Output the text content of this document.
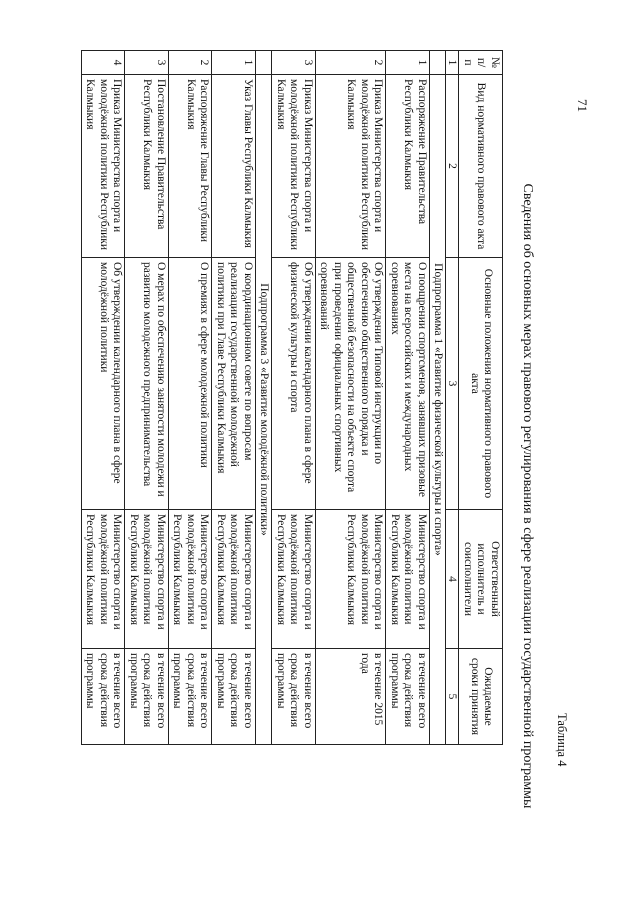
Сведения об основных мерах правового регулирования в сфере реализации государственной программы Таблица 4
№ п/п	Вид нормативного правового акта	Основные положения нормативного правового акта	Ответственный исполнитель и соисполнители	Ожидаемые сроки принятия
1	2	3	4	5
	Подпрограмма 1 «Развитие физической культуры и спорта»			
1	Распоряжение Правительства Республики Калмыкия	О поощрении спортсменов, занявших призовые места на всероссийских и международных соревнованиях	Министерство спорта и молодёжной политики Республики Калмыкия	в течение всего срока действия программы
2	Приказ Министерства спорта и молодёжной политики Республики Калмыкия	Об утверждении Типовой инструкции по обеспечению общественного порядка и общественной безопасности на объекте спорта при проведении официальных спортивных соревнований	Министерство спорта и молодёжной политики Республики Калмыкия	в течение 2015 года
3	Приказ Министерства спорта и молодёжной политики Республики Калмыкия	Об утверждении календарного плана в сфере физической культуры и спорта	Министерство спорта и молодёжной политики Республики Калмыкия	в течение всего срока действия программы
	Подпрограмма 3 «Развитие молодёжной политики»			
1	Указ Главы Республики Калмыкия	О координационном совете по вопросам реализации государственной молодежной политики при Главе Республики Калмыкия	Министерство спорта и молодёжной политики Республики Калмыкия	в течение всего срока действия программы
2	Распоряжение Главы Республики Калмыкия	О премиях в сфере молодежной политики	Министерство спорта и молодёжной политики Республики Калмыкия	в течение всего срока действия программы
3	Постановление Правительства Республики Калмыкия	О мерах по обеспечению занятости молодежи и развитию молодежного предпринимательства	Министерство спорта и молодёжной политики Республики Калмыкия	в течение всего срока действия программы
4	Приказ Министерства спорта и молодёжной политики Республики Калмыкия	Об утверждении календарного плана в сфере молодёжной политики	Министерство спорта и молодёжной политики Республики Калмыкия	в течение всего срока действия программы
71
